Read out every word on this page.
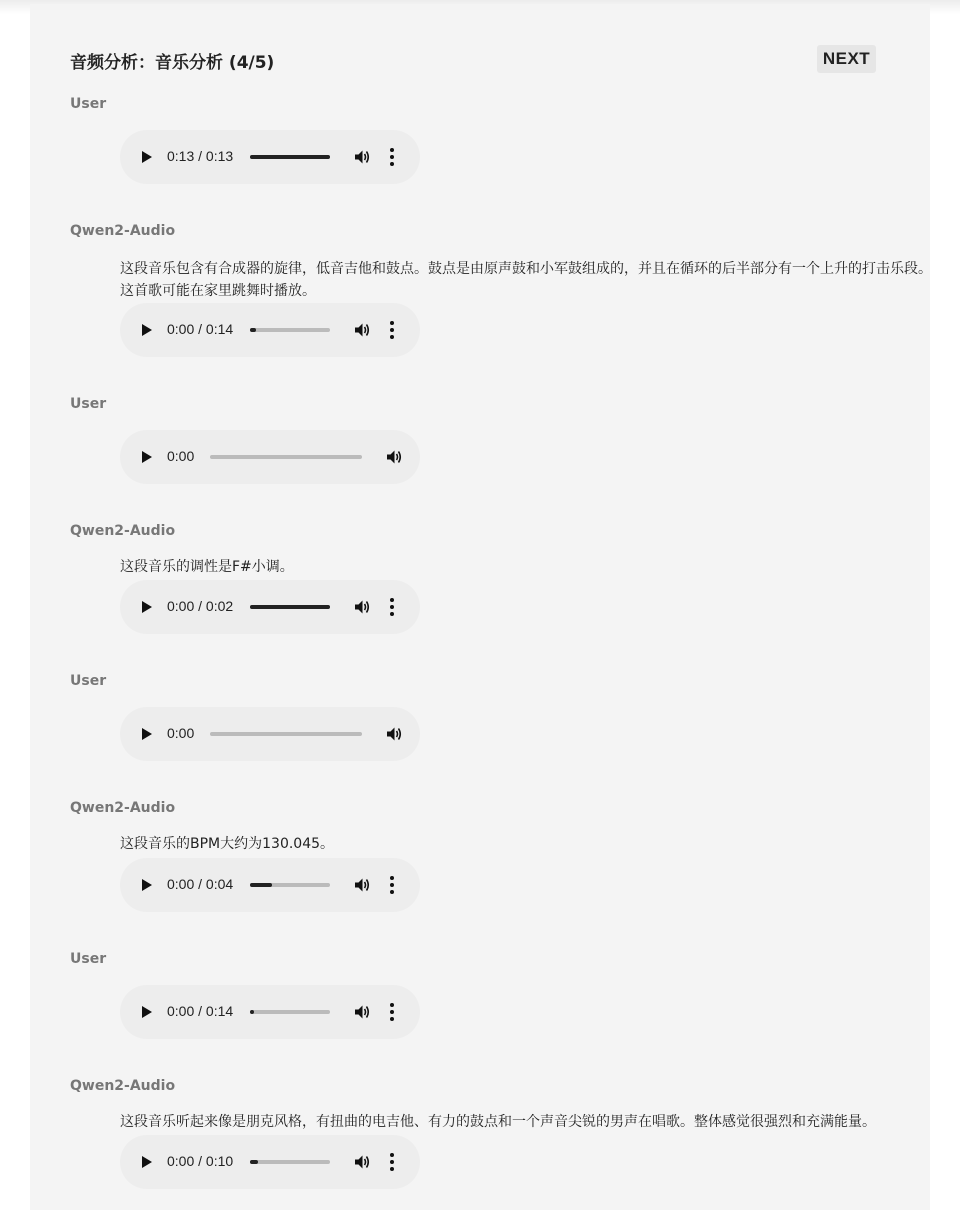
音频分析：音乐分析 (4/5)	NEXT
User
0:13 / 0:13
Qwen2-Audio
这段音乐包含有合成器的旋律，低音吉他和鼓点。鼓点是由原声鼓和小军鼓组成的，并且在循环的后半部分有一个上升的打击乐段。这首歌可能在家里跳舞时播放。
0:00 / 0:14
User
0:00
Qwen2-Audio
这段音乐的调性是F#小调。
0:00 / 0:02
User
0:00
Qwen2-Audio
这段音乐的BPM大约为130.045。
0:00 / 0:04
User
0:00 / 0:14
Qwen2-Audio
这段音乐听起来像是朋克风格，有扭曲的电吉他、有力的鼓点和一个声音尖锐的男声在唱歌。整体感觉很强烈和充满能量。
0:00 / 0:10
